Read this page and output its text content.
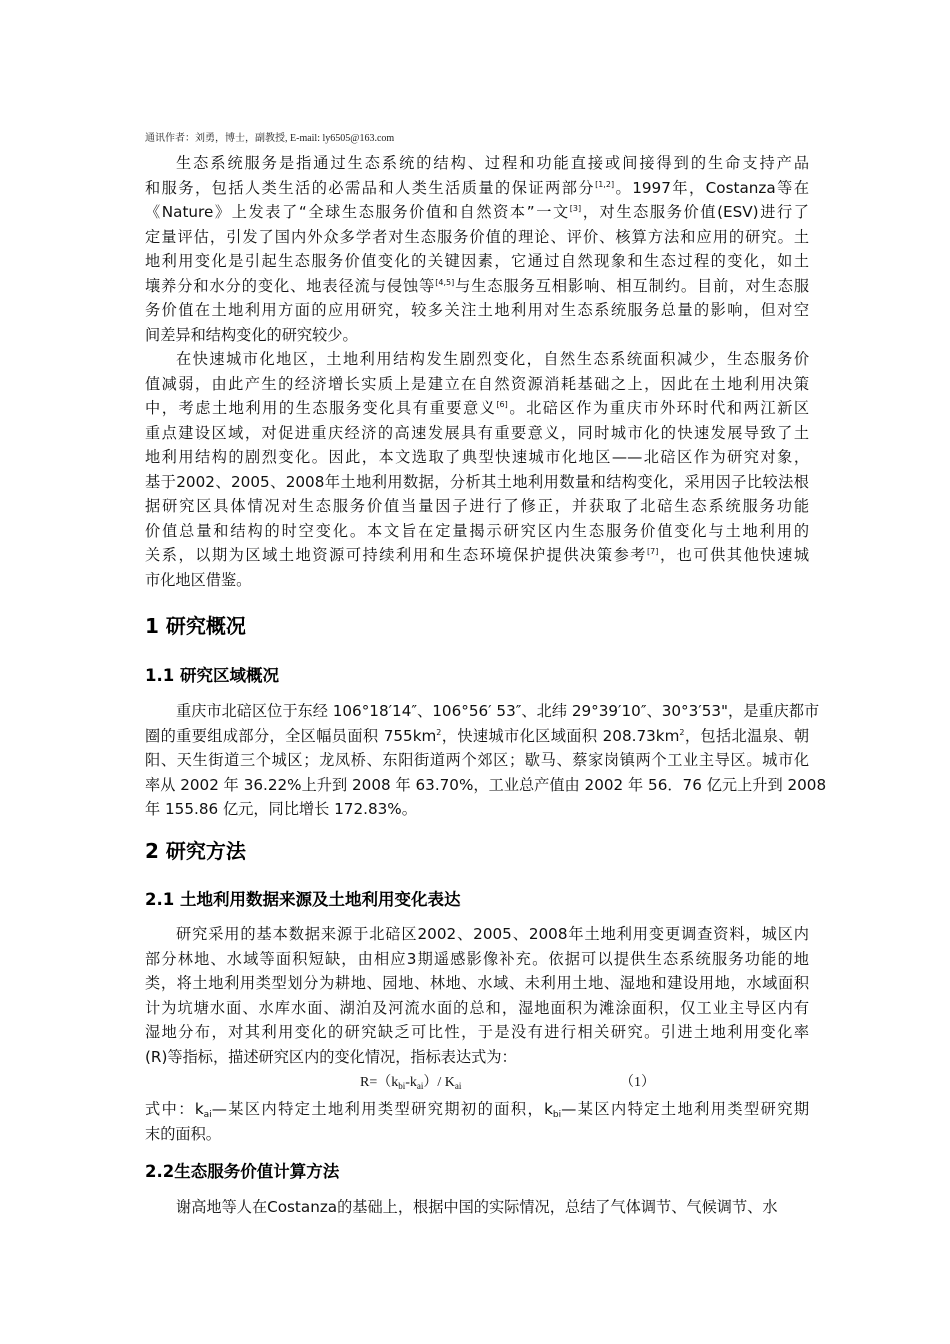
通讯作者：刘勇，博士，副教授, E-mail: ly6505@163.com
生态系统服务是指通过生态系统的结构、过程和功能直接或间接得到的生命支持产品
和服务，包括人类生活的必需品和人类生活质量的保证两部分[1,2]。1997年，Costanza等在
《Nature》上发表了“全球生态服务价值和自然资本”一文[3]，对生态服务价值(ESV)进行了
定量评估，引发了国内外众多学者对生态服务价值的理论、评价、核算方法和应用的研究。土
地利用变化是引起生态服务价值变化的关键因素，它通过自然现象和生态过程的变化，如土
壤养分和水分的变化、地表径流与侵蚀等[4,5]与生态服务互相影响、相互制约。目前，对生态服
务价值在土地利用方面的应用研究，较多关注土地利用对生态系统服务总量的影响，但对空
间差异和结构变化的研究较少。
在快速城市化地区，土地利用结构发生剧烈变化，自然生态系统面积减少，生态服务价
值减弱，由此产生的经济增长实质上是建立在自然资源消耗基础之上，因此在土地利用决策
中，考虑土地利用的生态服务变化具有重要意义[6]。北碚区作为重庆市外环时代和两江新区
重点建设区域，对促进重庆经济的高速发展具有重要意义，同时城市化的快速发展导致了土
地利用结构的剧烈变化。因此，本文选取了典型快速城市化地区——北碚区作为研究对象，
基于2002、2005、2008年土地利用数据，分析其土地利用数量和结构变化，采用因子比较法根
据研究区具体情况对生态服务价值当量因子进行了修正，并获取了北碚生态系统服务功能
价值总量和结构的时空变化。本文旨在定量揭示研究区内生态服务价值变化与土地利用的
关系，以期为区域土地资源可持续利用和生态环境保护提供决策参考[7]，也可供其他快速城
市化地区借鉴。
1 研究概况
1.1 研究区域概况
重庆市北碚区位于东经 106°18′14″、106°56′ 53″、北纬 29°39′10″、30°3′53"，是重庆都市
圈的重要组成部分，全区幅员面积 $755km^2$，快速城市化区域面积 $208.73km^2$，包括北温泉、朝
阳、天生街道三个城区；龙凤桥、东阳街道两个郊区；歇马、蔡家岗镇两个工业主导区。城市化
率从 2002 年 36.22%上升到 2008 年 63.70%，工业总产值由 2002 年 56．76 亿元上升到 2008
年 155.86 亿元，同比增长 172.83%。
2 研究方法
2.1 土地利用数据来源及土地利用变化表达
研究采用的基本数据来源于北碚区2002、2005、2008年土地利用变更调查资料，城区内
部分林地、水域等面积短缺，由相应3期遥感影像补充。依据可以提供生态系统服务功能的地
类，将土地利用类型划分为耕地、园地、林地、水域、未利用土地、湿地和建设用地，水域面积
计为坑塘水面、水库水面、湖泊及河流水面的总和，湿地面积为滩涂面积，仅工业主导区内有
湿地分布，对其利用变化的研究缺乏可比性，于是没有进行相关研究。引进土地利用变化率
(R)等指标，描述研究区内的变化情况，指标表达式为：
$R=(k_{bi}-k_{ai})/$ $K_{ai}$	（1）
式中：$k_{ai}—$某区内特定土地利用类型研究期初的面积，$k_{bi}—$某区内特定土地利用类型研究期
末的面积。
2.2生态服务价值计算方法
谢高地等人在Costanza的基础上，根据中国的实际情况，总结了气体调节、气候调节、水
